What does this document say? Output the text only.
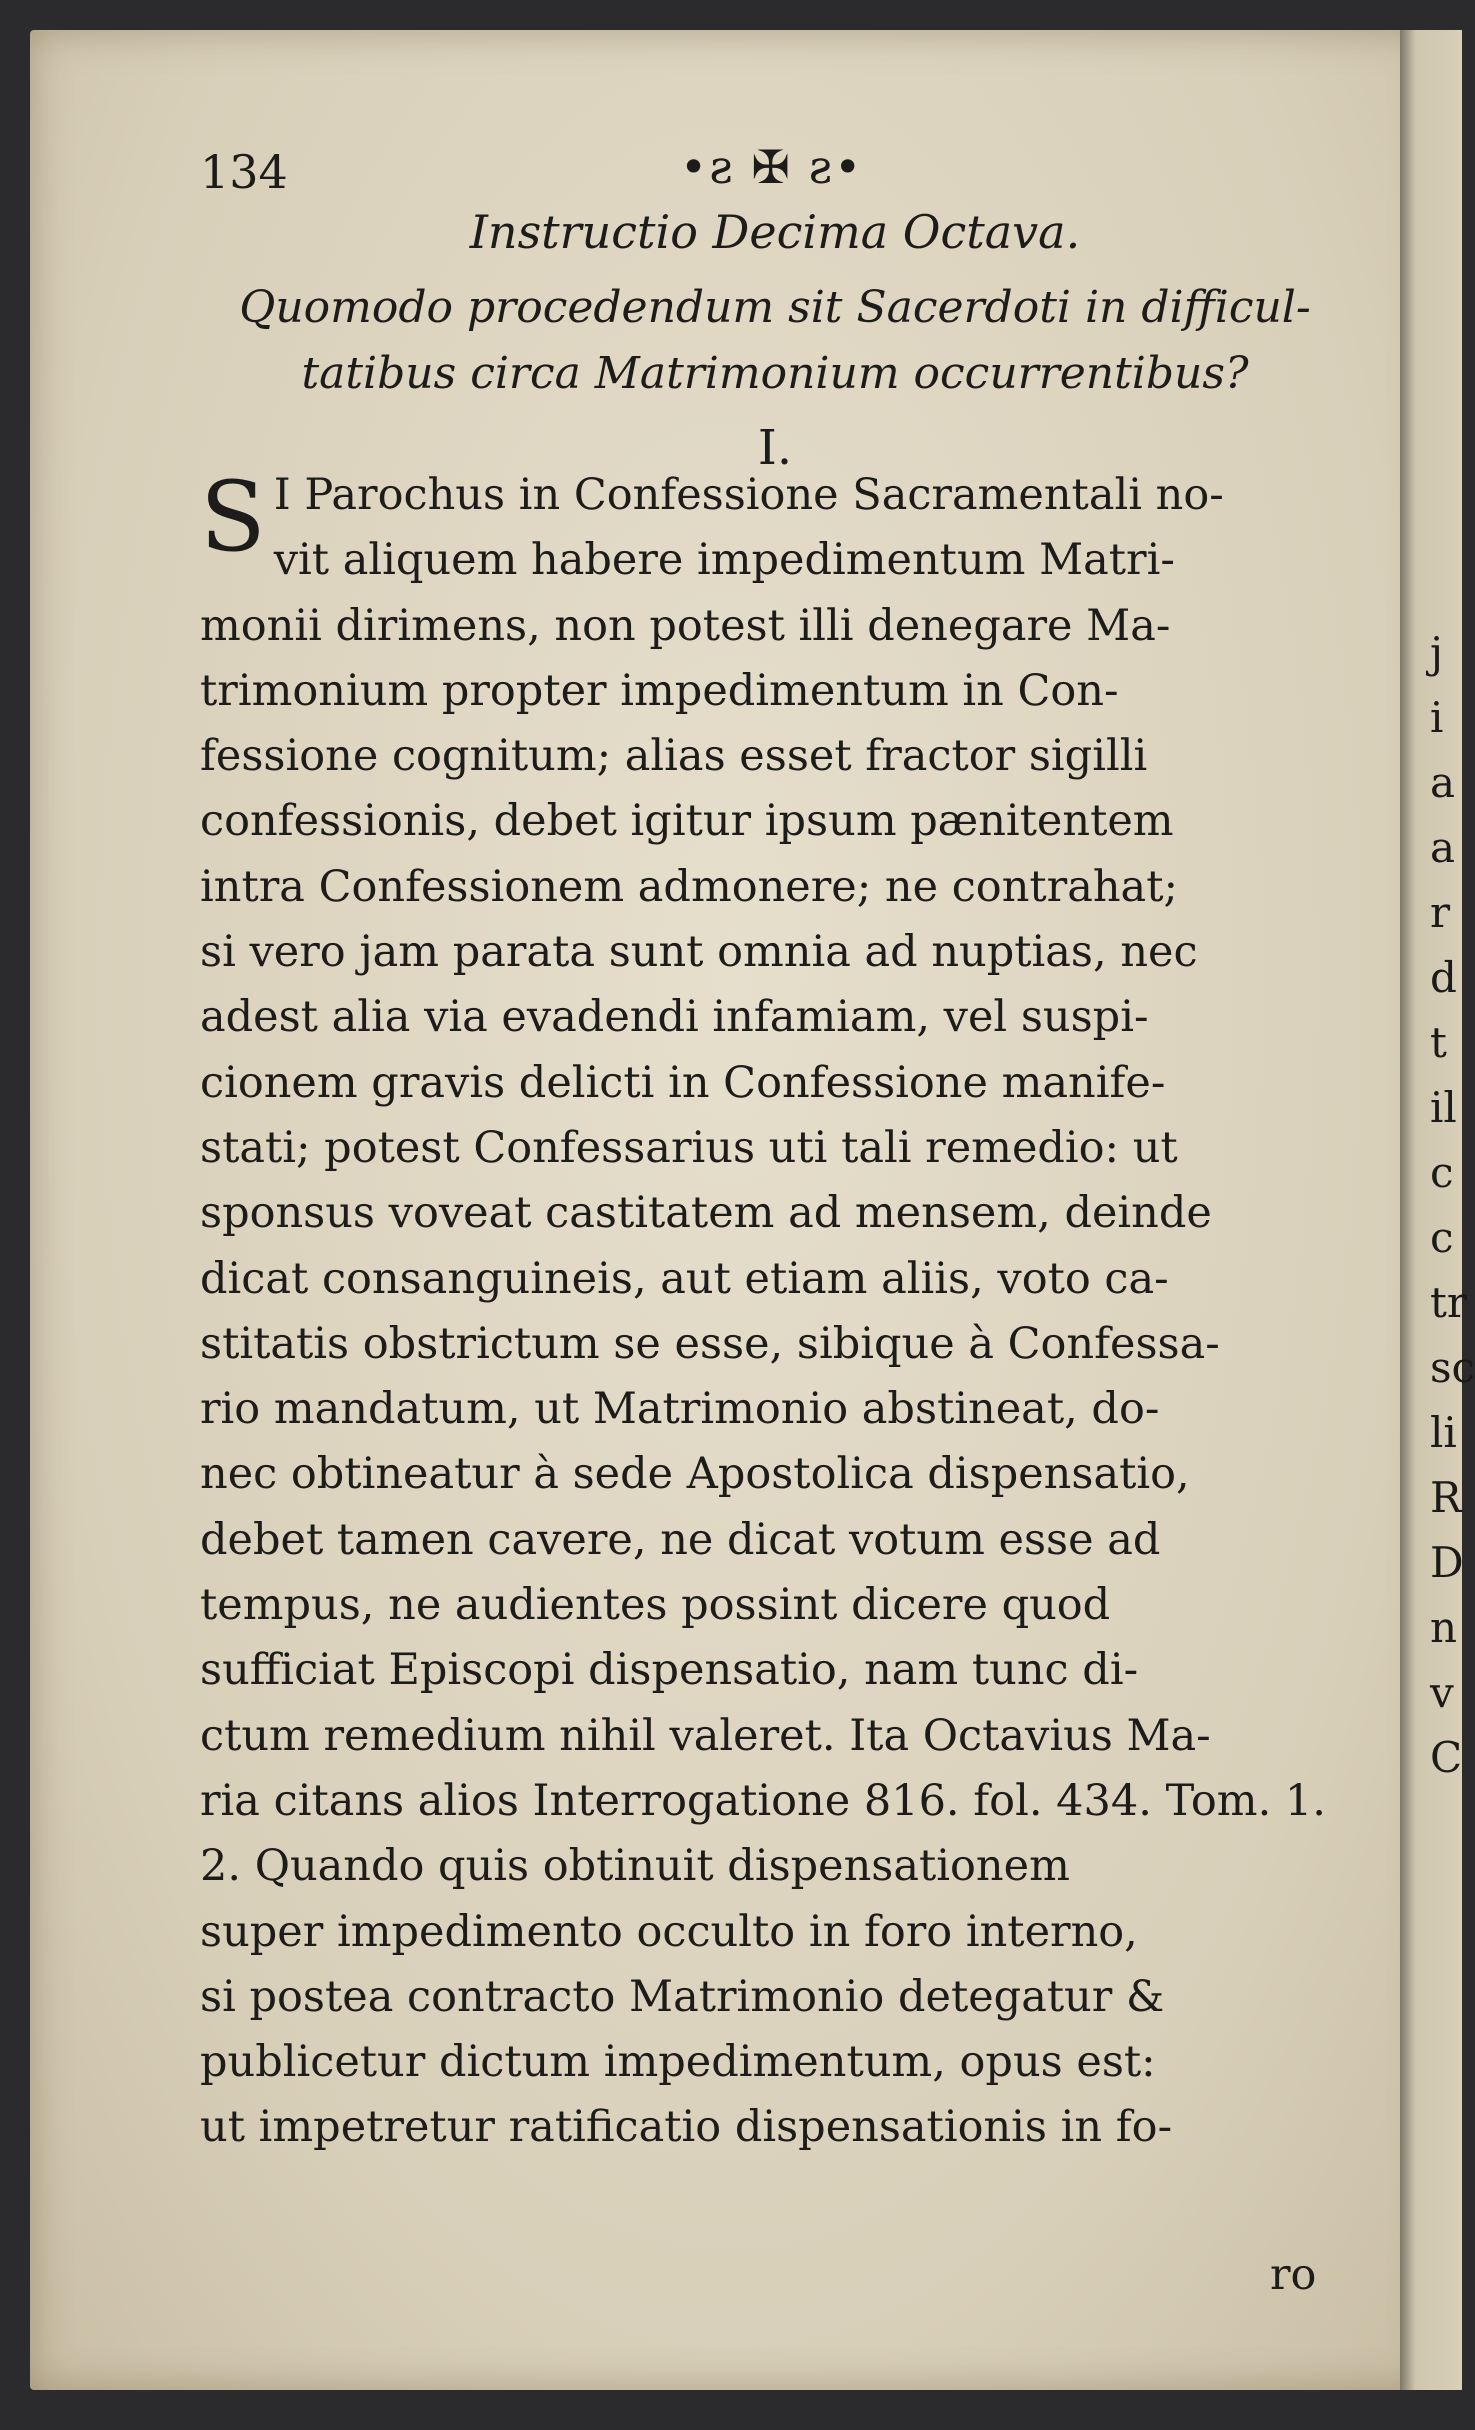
j
i
a
a
r
d
t
il
c
c
tr
sc
li
R
D
n
v
C
134	•ƨ ✠ ƨ•
Instructio Decima Octava.
Quomodo procedendum sit Sacerdoti in difficul-
tatibus circa Matrimonium occurrentibus?
I.
S I Parochus in Confessione Sacramentali no-
vit aliquem habere impedimentum Matri-
monii dirimens, non potest illi denegare Ma-
trimonium propter impedimentum in Con-
fessione cognitum; alias esset fractor sigilli
confessionis, debet igitur ipsum pænitentem
intra Confessionem admonere; ne contrahat;
si vero jam parata sunt omnia ad nuptias, nec
adest alia via evadendi infamiam, vel suspi-
cionem gravis delicti in Confessione manife-
stati; potest Confessarius uti tali remedio: ut
sponsus voveat castitatem ad mensem, deinde
dicat consanguineis, aut etiam aliis, voto ca-
stitatis obstrictum se esse, sibique à Confessa-
rio mandatum, ut Matrimonio abstineat, do-
nec obtineatur à sede Apostolica dispensatio,
debet tamen cavere, ne dicat votum esse ad
tempus, ne audientes possint dicere quod
sufficiat Episcopi dispensatio, nam tunc di-
ctum remedium nihil valeret. Ita Octavius Ma-
ria citans alios Interrogatione 816. fol. 434. Tom. 1.
2. Quando quis obtinuit dispensationem
super impedimento occulto in foro interno,
si postea contracto Matrimonio detegatur &
publicetur dictum impedimentum, opus est:
ut impetretur ratificatio dispensationis in fo-
ro
